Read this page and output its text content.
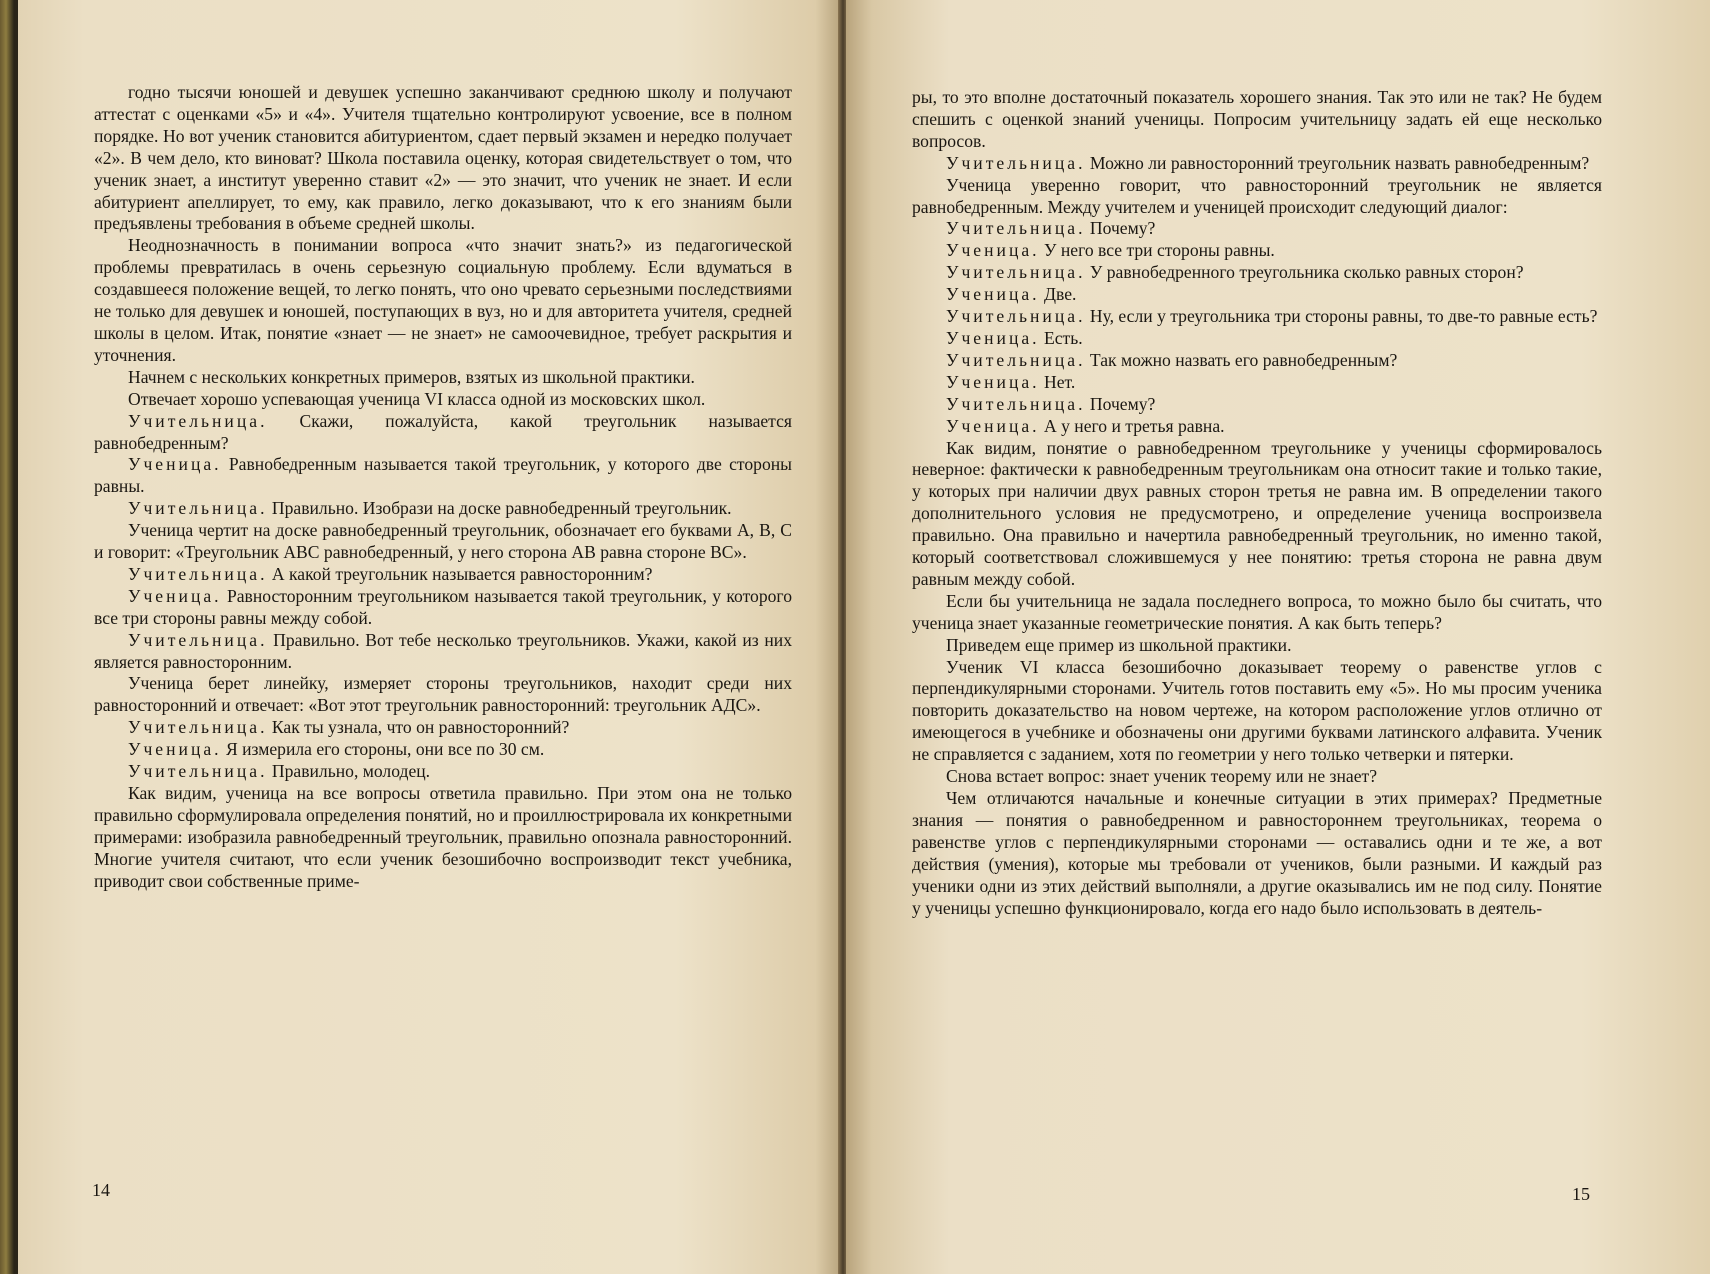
годно тысячи юношей и девушек успешно заканчивают среднюю школу и получают аттестат с оценками «5» и «4». Учителя тщательно контролируют усвоение, все в полном порядке. Но вот ученик становится абитуриентом, сдает первый экзамен и нередко получает «2». В чем дело, кто виноват? Школа поставила оценку, которая свидетельствует о том, что ученик знает, а институт уверенно ставит «2» — это значит, что ученик не знает. И если абитуриент апеллирует, то ему, как правило, легко доказывают, что к его знаниям были предъявлены требования в объеме средней школы.

Неоднозначность в понимании вопроса «что значит знать?» из педагогической проблемы превратилась в очень серьезную социальную проблему. Если вдуматься в создавшееся положение вещей, то легко понять, что оно чревато серьезными последствиями не только для девушек и юношей, поступающих в вуз, но и для авторитета учителя, средней школы в целом. Итак, понятие «знает — не знает» не самоочевидное, требует раскрытия и уточнения.

Начнем с нескольких конкретных примеров, взятых из школьной практики.

Отвечает хорошо успевающая ученица VI класса одной из московских школ.

Учительница. Скажи, пожалуйста, какой треугольник называется равнобедренным?

Ученица. Равнобедренным называется такой треугольник, у которого две стороны равны.

Учительница. Правильно. Изобрази на доске равнобедренный треугольник.

Ученица чертит на доске равнобедренный треугольник, обозначает его буквами A, B, C и говорит: «Треугольник ABC равнобедренный, у него сторона AB равна стороне BC».

Учительница. А какой треугольник называется равносторонним?

Ученица. Равносторонним треугольником называется такой треугольник, у которого все три стороны равны между собой.

Учительница. Правильно. Вот тебе несколько треугольников. Укажи, какой из них является равносторонним.

Ученица берет линейку, измеряет стороны треугольников, находит среди них равносторонний и отвечает: «Вот этот треугольник равносторонний: треугольник АДС».

Учительница. Как ты узнала, что он равносторонний?

Ученица. Я измерила его стороны, они все по 30 см.

Учительница. Правильно, молодец.

Как видим, ученица на все вопросы ответила правильно. При этом она не только правильно сформулировала определения понятий, но и проиллюстрировала их конкретными примерами: изобразила равнобедренный треугольник, правильно опознала равносторонний. Многие учителя считают, что если ученик безошибочно воспроизводит текст учебника, приводит свои собственные приме-

14

ры, то это вполне достаточный показатель хорошего знания. Так это или не так? Не будем спешить с оценкой знаний ученицы. Попросим учительницу задать ей еще несколько вопросов.

Учительница. Можно ли равносторонний треугольник назвать равнобедренным?

Ученица уверенно говорит, что равносторонний треугольник не является равнобедренным. Между учителем и ученицей происходит следующий диалог:

Учительница. Почему?

Ученица. У него все три стороны равны.

Учительница. У равнобедренного треугольника сколько равных сторон?

Ученица. Две.

Учительница. Ну, если у треугольника три стороны равны, то две-то равные есть?

Ученица. Есть.

Учительница. Так можно назвать его равнобедренным?

Ученица. Нет.

Учительница. Почему?

Ученица. А у него и третья равна.

Как видим, понятие о равнобедренном треугольнике у ученицы сформировалось неверное: фактически к равнобедренным треугольникам она относит такие и только такие, у которых при наличии двух равных сторон третья не равна им. В определении такого дополнительного условия не предусмотрено, и определение ученица воспроизвела правильно. Она правильно и начертила равнобедренный треугольник, но именно такой, который соответствовал сложившемуся у нее понятию: третья сторона не равна двум равным между собой.

Если бы учительница не задала последнего вопроса, то можно было бы считать, что ученица знает указанные геометрические понятия. А как быть теперь?

Приведем еще пример из школьной практики.

Ученик VI класса безошибочно доказывает теорему о равенстве углов с перпендикулярными сторонами. Учитель готов поставить ему «5». Но мы просим ученика повторить доказательство на новом чертеже, на котором расположение углов отлично от имеющегося в учебнике и обозначены они другими буквами латинского алфавита. Ученик не справляется с заданием, хотя по геометрии у него только четверки и пятерки.

Снова встает вопрос: знает ученик теорему или не знает?

Чем отличаются начальные и конечные ситуации в этих примерах? Предметные знания — понятия о равнобедренном и равностороннем треугольниках, теорема о равенстве углов с перпендикулярными сторонами — оставались одни и те же, а вот действия (умения), которые мы требовали от учеников, были разными. И каждый раз ученики одни из этих действий выполняли, а другие оказывались им не под силу. Понятие у ученицы успешно функционировало, когда его надо было использовать в деятель-

15
